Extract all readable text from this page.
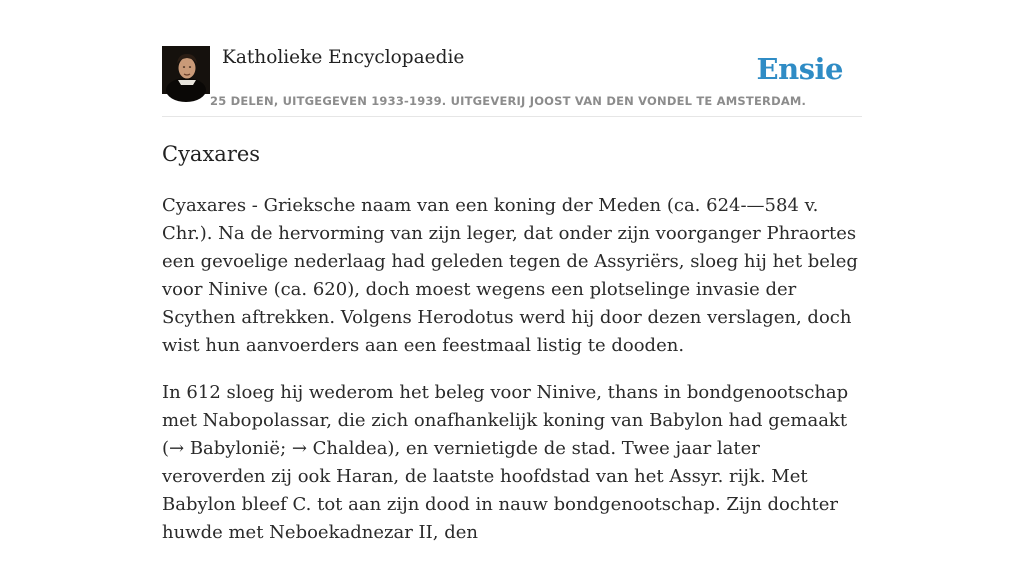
Katholieke Encyclopaedie	Ensie
25 DELEN, UITGEGEVEN 1933-1939. UITGEVERIJ JOOST VAN DEN VONDEL TE AMSTERDAM.
Cyaxares

Cyaxares - Grieksche naam van een koning der Meden (ca. 624-—584 v. Chr.). Na de hervorming van zijn leger, dat onder zijn voorganger Phraortes een gevoelige nederlaag had geleden tegen de Assyriërs, sloeg hij het beleg voor Ninive (ca. 620), doch moest wegens een plotselinge invasie der Scythen aftrekken. Volgens Herodotus werd hij door dezen verslagen, doch wist hun aanvoerders aan een feestmaal listig te dooden.

In 612 sloeg hij wederom het beleg voor Ninive, thans in bondgenootschap met Nabopolassar, die zich onafhankelijk koning van Babylon had gemaakt (→ Babylonië; → Chaldea), en vernietigde de stad. Twee jaar later veroverden zij ook Haran, de laatste hoofdstad van het Assyr. rijk. Met Babylon bleef C. tot aan zijn dood in nauw bondgenootschap. Zijn dochter huwde met Neboekadnezar II, den
